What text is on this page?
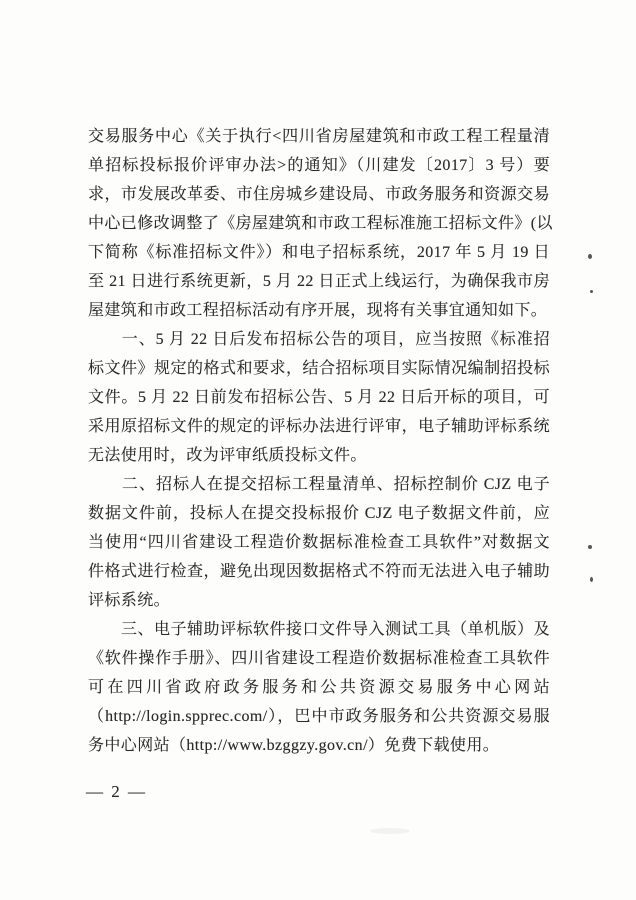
交易服务中心《关于执行<四川省房屋建筑和市政工程工程量清
单招标投标报价评审办法>的通知》（川建发〔2017〕3 号）要
求，市发展改革委、市住房城乡建设局、市政务服务和资源交易
中心已修改调整了《房屋建筑和市政工程标准施工招标文件》(以
下简称《标准招标文件》）和电子招标系统，2017 年 5 月 19 日
至 21 日进行系统更新，5 月 22 日正式上线运行，为确保我市房
屋建筑和市政工程招标活动有序开展，现将有关事宜通知如下。
　　一、5 月 22 日后发布招标公告的项目，应当按照《标准招
标文件》规定的格式和要求，结合招标项目实际情况编制招投标
文件。5 月 22 日前发布招标公告、5 月 22 日后开标的项目，可
采用原招标文件的规定的评标办法进行评审，电子辅助评标系统
无法使用时，改为评审纸质投标文件。
　　二、招标人在提交招标工程量清单、招标控制价 CJZ 电子
数据文件前，投标人在提交投标报价 CJZ 电子数据文件前，应
当使用“四川省建设工程造价数据标准检查工具软件”对数据文
件格式进行检查，避免出现因数据格式不符而无法进入电子辅助
评标系统。
　　三、电子辅助评标软件接口文件导入测试工具（单机版）及
《软件操作手册》、四川省建设工程造价数据标准检查工具软件
可在四川省政府政务服务和公共资源交易服务中心网站
（http://login.spprec.com/），巴中市政务服务和公共资源交易服
务中心网站（http://www.bzggzy.gov.cn/）免费下载使用。
— 2 —
